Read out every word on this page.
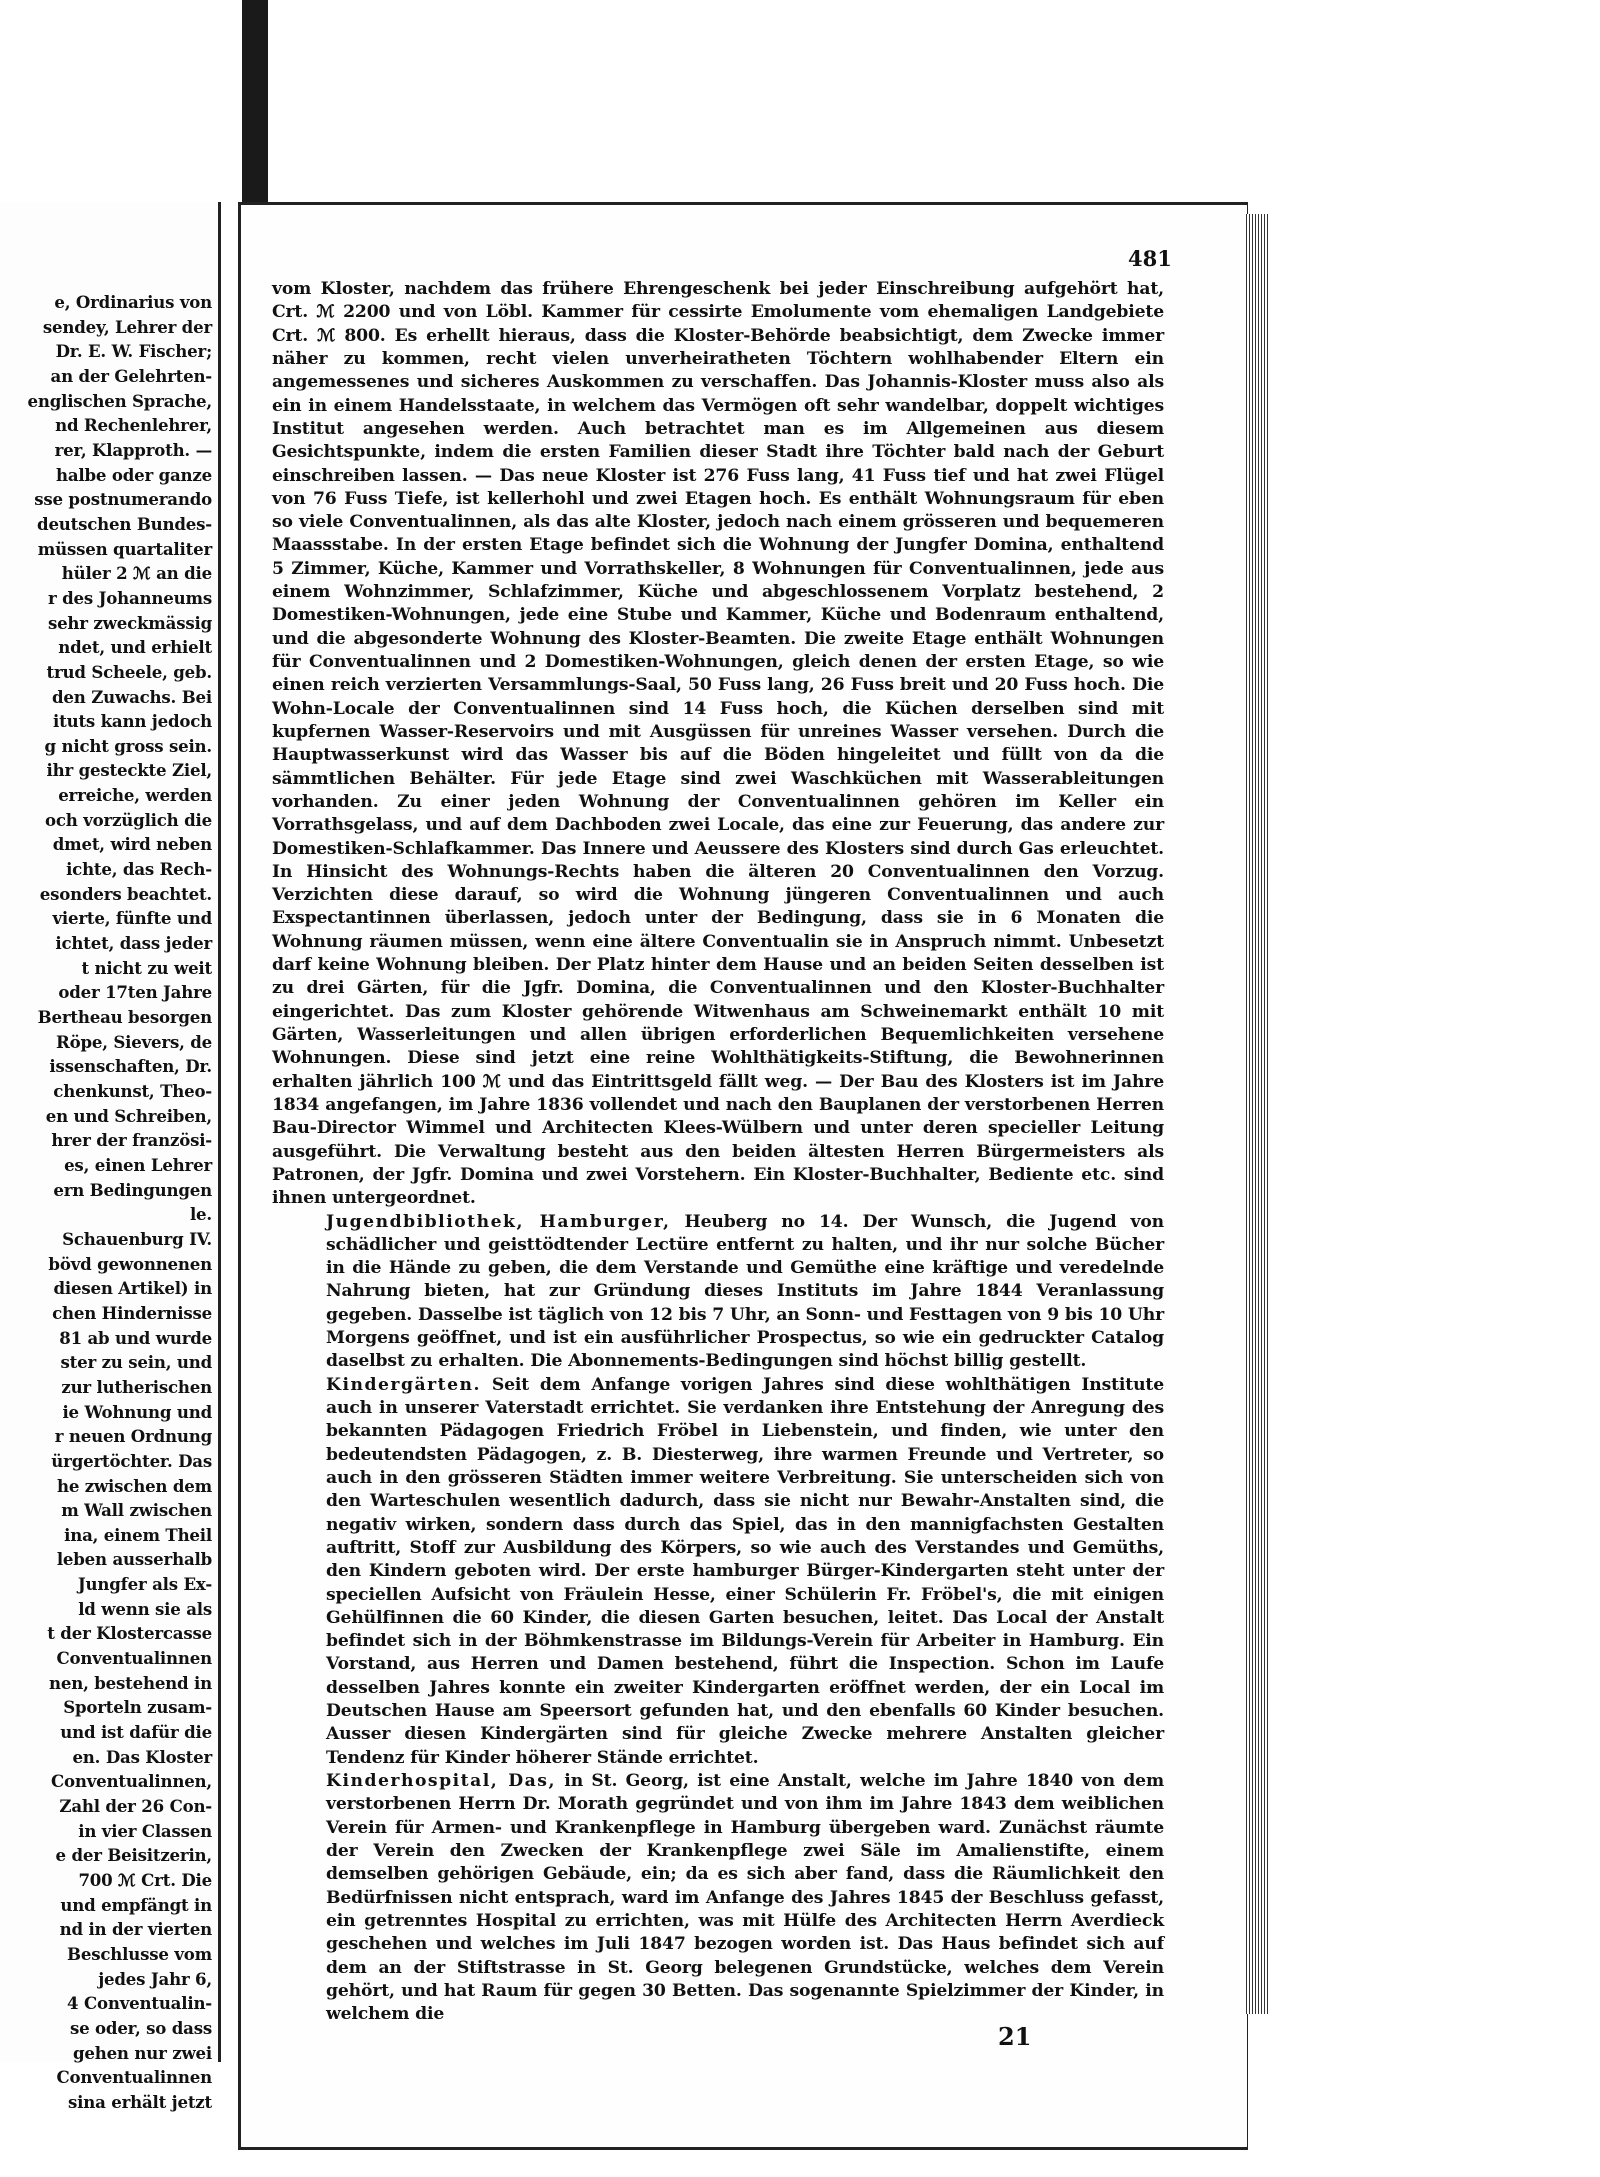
e, Ordinarius von
sendey, Lehrer der
Dr. E. W. Fischer;
an der Gelehrten-
englischen Sprache,
nd Rechenlehrer,
rer, Klapproth. —
halbe oder ganze
sse postnumerando
deutschen Bundes-
müssen quartaliter
hüler 2 ℳ an die
r des Johanneums
sehr zweckmässig
ndet, und erhielt
trud Scheele, geb.
den Zuwachs. Bei
ituts kann jedoch
g nicht gross sein.
ihr gesteckte Ziel,
erreiche, werden
och vorzüglich die
dmet, wird neben
ichte, das Rech-
esonders beachtet.
vierte, fünfte und
ichtet, dass jeder
t nicht zu weit
oder 17ten Jahre
Bertheau besorgen
Röpe, Sievers, de
issenschaften, Dr.
chenkunst, Theo-
en und Schreiben,
hrer der französi-
es, einen Lehrer
ern Bedingungen
le.
Schauenburg IV.
bövd gewonnenen
diesen Artikel) in
chen Hindernisse
81 ab und wurde
ster zu sein, und
zur lutherischen
ie Wohnung und
r neuen Ordnung
ürgertöchter. Das
he zwischen dem
m Wall zwischen
ina, einem Theil
leben ausserhalb
Jungfer als Ex-
ld wenn sie als
t der Klostercasse
Conventualinnen
nen, bestehend in
Sporteln zusam-
und ist dafür die
en. Das Kloster
Conventualinnen,
Zahl der 26 Con-
in vier Classen
e der Beisitzerin,
700 ℳ Crt. Die
und empfängt in
nd in der vierten
Beschlusse vom
jedes Jahr 6,
4 Conventualin-
se oder, so dass
gehen nur zwei
Conventualinnen
sina erhält jetzt
481

vom Kloster, nachdem das frühere Ehrengeschenk bei jeder Einschreibung aufgehört hat, Crt. ℳ 2200 und von Löbl. Kammer für cessirte Emolumente vom ehemaligen Landgebiete Crt. ℳ 800. Es erhellt hieraus, dass die Kloster-Behörde beabsichtigt, dem Zwecke immer näher zu kommen, recht vielen unverheiratheten Töchtern wohlhabender Eltern ein angemessenes und sicheres Auskommen zu verschaffen. Das Johannis-Kloster muss also als ein in einem Handelsstaate, in welchem das Vermögen oft sehr wandelbar, doppelt wichtiges Institut angesehen werden. Auch betrachtet man es im Allgemeinen aus diesem Gesichtspunkte, indem die ersten Familien dieser Stadt ihre Töchter bald nach der Geburt einschreiben lassen. — Das neue Kloster ist 276 Fuss lang, 41 Fuss tief und hat zwei Flügel von 76 Fuss Tiefe, ist kellerhohl und zwei Etagen hoch. Es enthält Wohnungsraum für eben so viele Conventualinnen, als das alte Kloster, jedoch nach einem grösseren und bequemeren Maassstabe. In der ersten Etage befindet sich die Wohnung der Jungfer Domina, enthaltend 5 Zimmer, Küche, Kammer und Vorrathskeller, 8 Wohnungen für Conventualinnen, jede aus einem Wohnzimmer, Schlafzimmer, Küche und abgeschlossenem Vorplatz bestehend, 2 Domestiken-Wohnungen, jede eine Stube und Kammer, Küche und Bodenraum enthaltend, und die abgesonderte Wohnung des Kloster-Beamten. Die zweite Etage enthält Wohnungen für Conventualinnen und 2 Domestiken-Wohnungen, gleich denen der ersten Etage, so wie einen reich verzierten Versammlungs-Saal, 50 Fuss lang, 26 Fuss breit und 20 Fuss hoch. Die Wohn-Locale der Conventualinnen sind 14 Fuss hoch, die Küchen derselben sind mit kupfernen Wasser-Reservoirs und mit Ausgüssen für unreines Wasser versehen. Durch die Hauptwasserkunst wird das Wasser bis auf die Böden hingeleitet und füllt von da die sämmtlichen Behälter. Für jede Etage sind zwei Waschküchen mit Wasserableitungen vorhanden. Zu einer jeden Wohnung der Conventualinnen gehören im Keller ein Vorrathsgelass, und auf dem Dachboden zwei Locale, das eine zur Feuerung, das andere zur Domestiken-Schlafkammer. Das Innere und Aeussere des Klosters sind durch Gas erleuchtet. In Hinsicht des Wohnungs-Rechts haben die älteren 20 Conventualinnen den Vorzug. Verzichten diese darauf, so wird die Wohnung jüngeren Conventualinnen und auch Exspectantinnen überlassen, jedoch unter der Bedingung, dass sie in 6 Monaten die Wohnung räumen müssen, wenn eine ältere Conventualin sie in Anspruch nimmt. Unbesetzt darf keine Wohnung bleiben. Der Platz hinter dem Hause und an beiden Seiten desselben ist zu drei Gärten, für die Jgfr. Domina, die Conventualinnen und den Kloster-Buchhalter eingerichtet. Das zum Kloster gehörende Witwenhaus am Schweinemarkt enthält 10 mit Gärten, Wasserleitungen und allen übrigen erforderlichen Bequemlichkeiten versehene Wohnungen. Diese sind jetzt eine reine Wohlthätigkeits-Stiftung, die Bewohnerinnen erhalten jährlich 100 ℳ und das Eintrittsgeld fällt weg. — Der Bau des Klosters ist im Jahre 1834 angefangen, im Jahre 1836 vollendet und nach den Bauplanen der verstorbenen Herren Bau-Director Wimmel und Architecten Klees-Wülbern und unter deren specieller Leitung ausgeführt. Die Verwaltung besteht aus den beiden ältesten Herren Bürgermeisters als Patronen, der Jgfr. Domina und zwei Vorstehern. Ein Kloster-Buchhalter, Bediente etc. sind ihnen untergeordnet.

Jugendbibliothek, Hamburger, Heuberg no 14. Der Wunsch, die Jugend von schädlicher und geisttödtender Lectüre entfernt zu halten, und ihr nur solche Bücher in die Hände zu geben, die dem Verstande und Gemüthe eine kräftige und veredelnde Nahrung bieten, hat zur Gründung dieses Instituts im Jahre 1844 Veranlassung gegeben. Dasselbe ist täglich von 12 bis 7 Uhr, an Sonn- und Festtagen von 9 bis 10 Uhr Morgens geöffnet, und ist ein ausführlicher Prospectus, so wie ein gedruckter Catalog daselbst zu erhalten. Die Abonnements-Bedingungen sind höchst billig gestellt.

Kindergärten. Seit dem Anfange vorigen Jahres sind diese wohlthätigen Institute auch in unserer Vaterstadt errichtet. Sie verdanken ihre Entstehung der Anregung des bekannten Pädagogen Friedrich Fröbel in Liebenstein, und finden, wie unter den bedeutendsten Pädagogen, z. B. Diesterweg, ihre warmen Freunde und Vertreter, so auch in den grösseren Städten immer weitere Verbreitung. Sie unterscheiden sich von den Warteschulen wesentlich dadurch, dass sie nicht nur Bewahr-Anstalten sind, die negativ wirken, sondern dass durch das Spiel, das in den mannigfachsten Gestalten auftritt, Stoff zur Ausbildung des Körpers, so wie auch des Verstandes und Gemüths, den Kindern geboten wird. Der erste hamburger Bürger-Kindergarten steht unter der speciellen Aufsicht von Fräulein Hesse, einer Schülerin Fr. Fröbel's, die mit einigen Gehülfinnen die 60 Kinder, die diesen Garten besuchen, leitet. Das Local der Anstalt befindet sich in der Böhmkenstrasse im Bildungs-Verein für Arbeiter in Hamburg. Ein Vorstand, aus Herren und Damen bestehend, führt die Inspection. Schon im Laufe desselben Jahres konnte ein zweiter Kindergarten eröffnet werden, der ein Local im Deutschen Hause am Speersort gefunden hat, und den ebenfalls 60 Kinder besuchen. Ausser diesen Kindergärten sind für gleiche Zwecke mehrere Anstalten gleicher Tendenz für Kinder höherer Stände errichtet.

Kinderhospital, Das, in St. Georg, ist eine Anstalt, welche im Jahre 1840 von dem verstorbenen Herrn Dr. Morath gegründet und von ihm im Jahre 1843 dem weiblichen Verein für Armen- und Krankenpflege in Hamburg übergeben ward. Zunächst räumte der Verein den Zwecken der Krankenpflege zwei Säle im Amalienstifte, einem demselben gehörigen Gebäude, ein; da es sich aber fand, dass die Räumlichkeit den Bedürfnissen nicht entsprach, ward im Anfange des Jahres 1845 der Beschluss gefasst, ein getrenntes Hospital zu errichten, was mit Hülfe des Architecten Herrn Averdieck geschehen und welches im Juli 1847 bezogen worden ist. Das Haus befindet sich auf dem an der Stiftstrasse in St. Georg belegenen Grundstücke, welches dem Verein gehört, und hat Raum für gegen 30 Betten. Das sogenannte Spielzimmer der Kinder, in welchem die

21
